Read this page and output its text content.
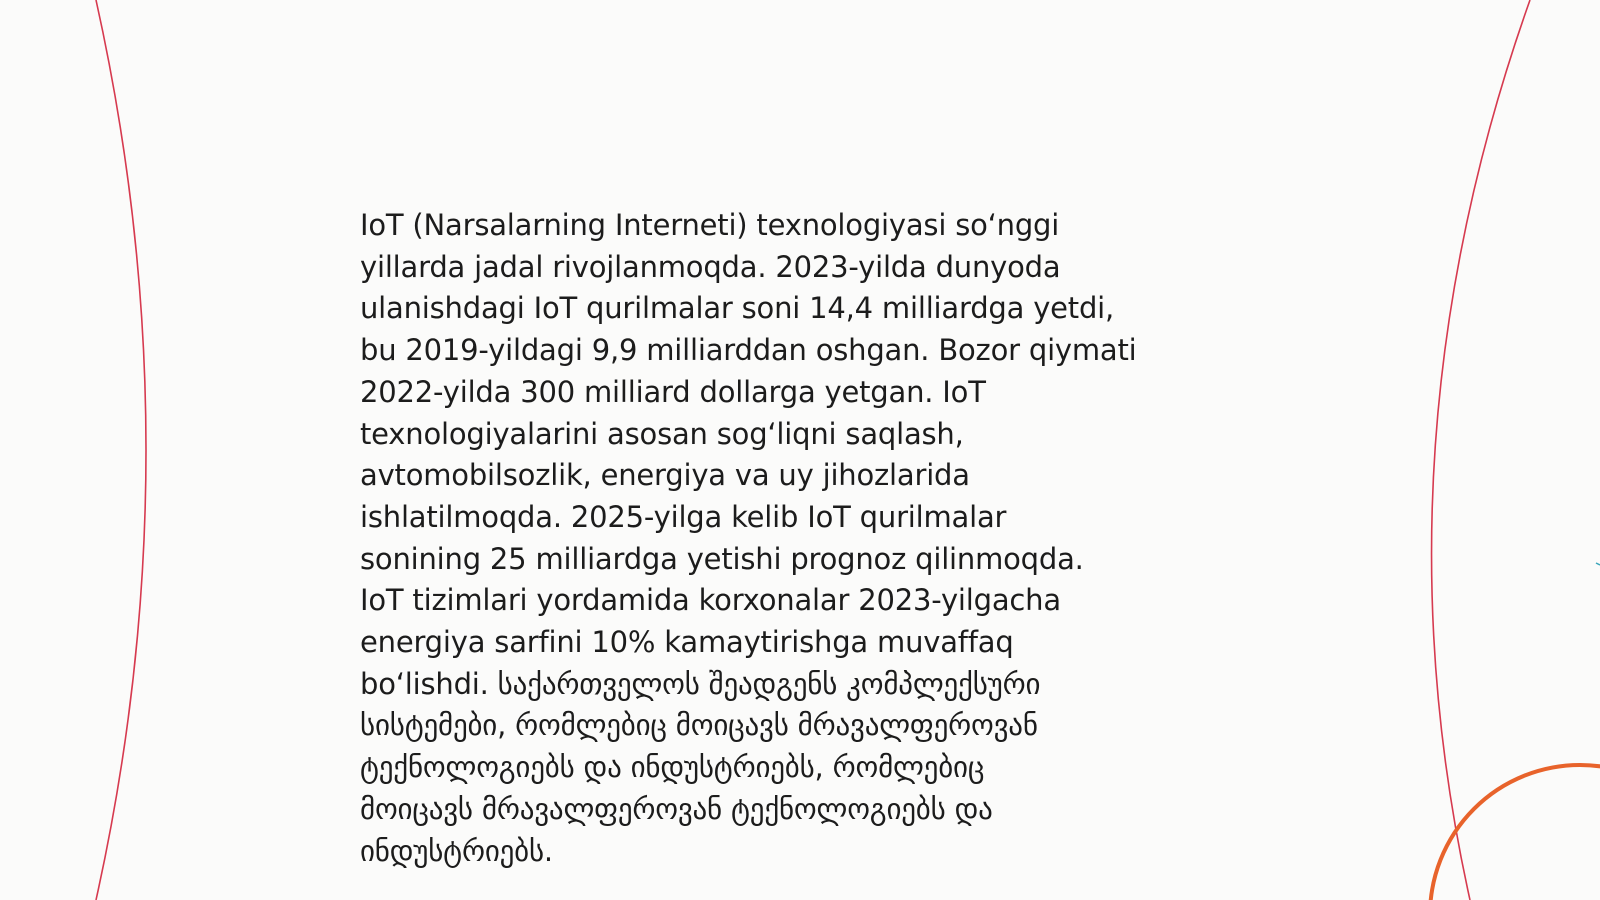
IoT (Narsalarning Interneti) texnologiyasi so‘nggi
yillarda jadal rivojlanmoqda. 2023-yilda dunyoda
ulanishdagi IoT qurilmalar soni 14,4 milliardga yetdi,
bu 2019-yildagi 9,9 milliarddan oshgan. Bozor qiymati
2022-yilda 300 milliard dollarga yetgan. IoT
texnologiyalarini asosan sog‘liqni saqlash,
avtomobilsozlik, energiya va uy jihozlarida
ishlatilmoqda. 2025-yilga kelib IoT qurilmalar
sonining 25 milliardga yetishi prognoz qilinmoqda.
IoT tizimlari yordamida korxonalar 2023-yilgacha
energiya sarfini 10% kamaytirishga muvaffaq
bo‘lishdi. საქართველოს შეადგენს კომპლექსური
სისტემები, რომლებიც მოიცავს მრავალფეროვან
ტექნოლოგიებს და ინდუსტრიებს, რომლებიც
მოიცავს მრავალფეროვან ტექნოლოგიებს და
ინდუსტრიებს.
